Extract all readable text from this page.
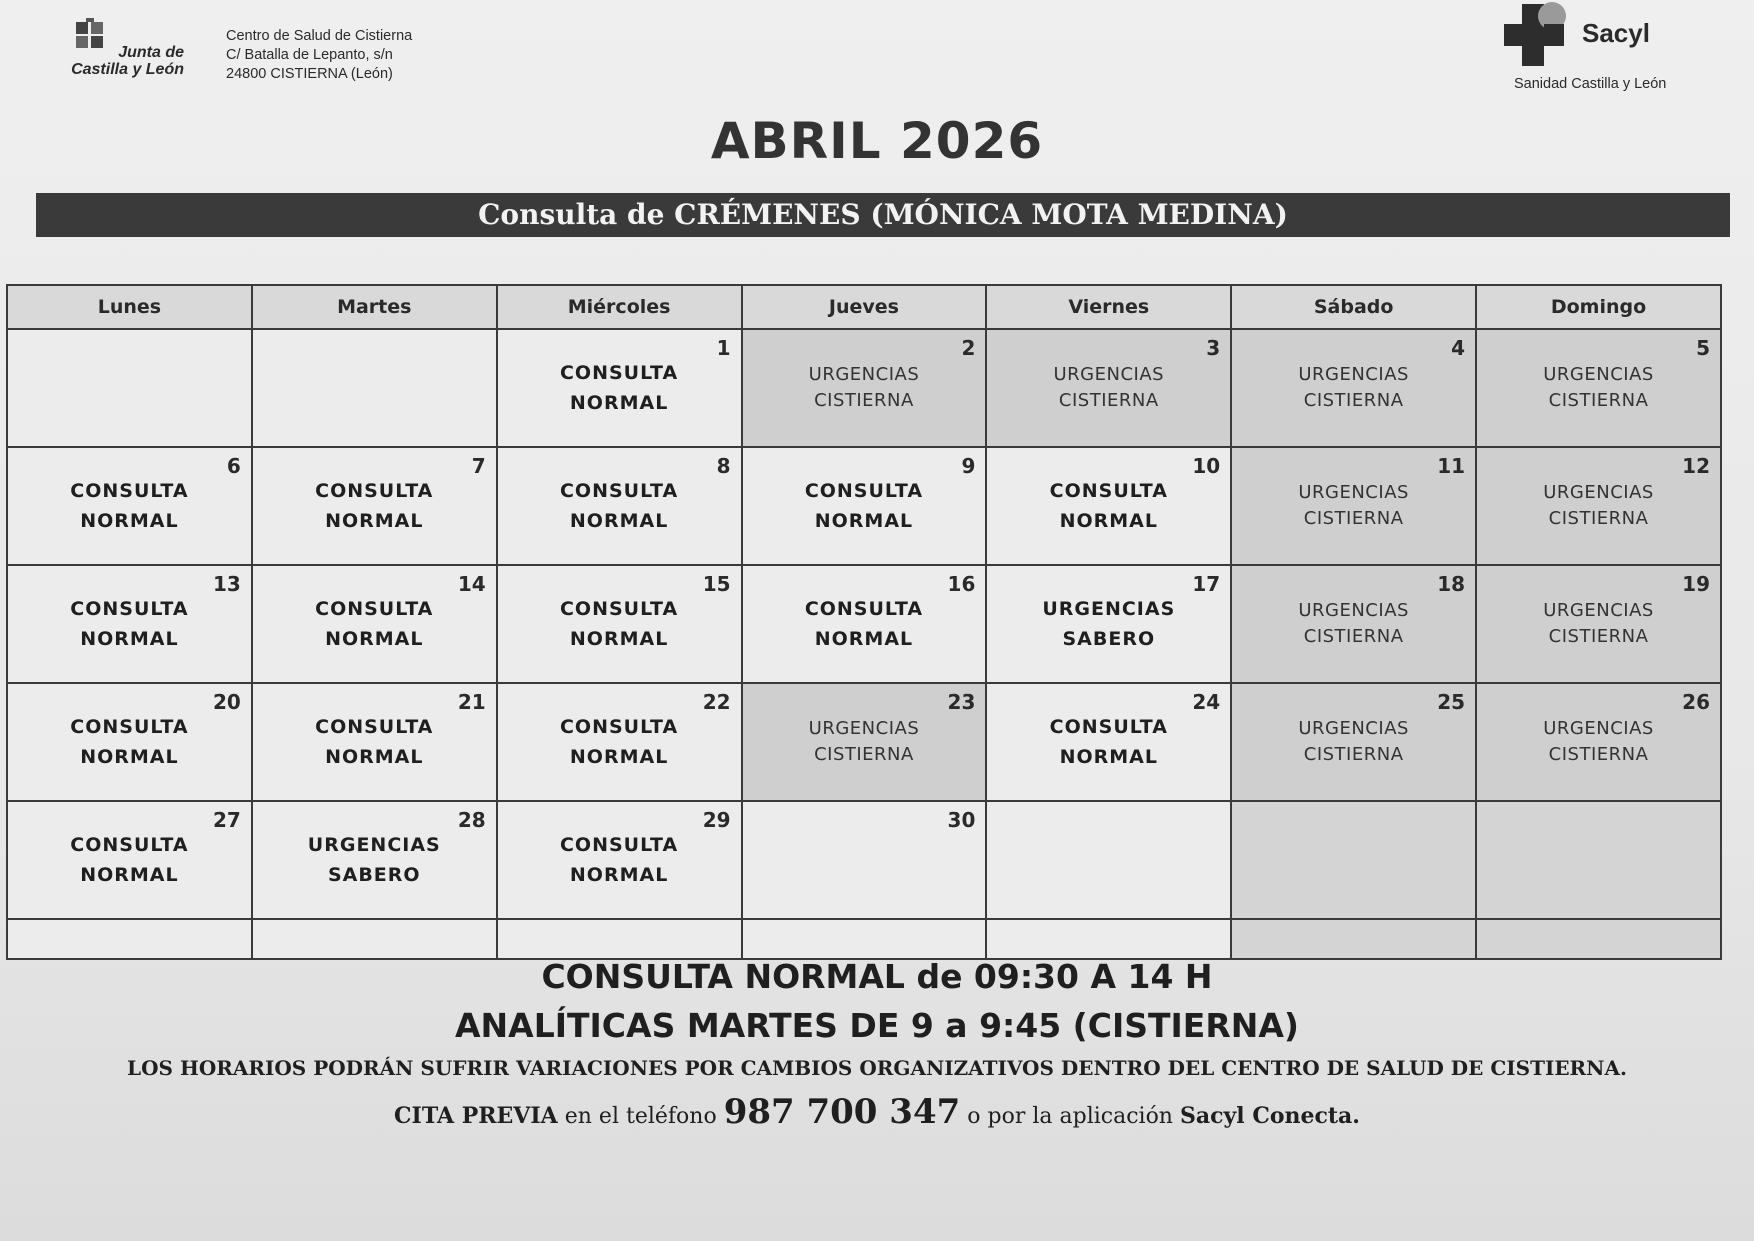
Junta de
Castilla y León
Centro de Salud de Cistierna
C/ Batalla de Lepanto, s/n
24800 CISTIERNA (León)
Sacyl
Sanidad Castilla y León
ABRIL 2026
Consulta de CRÉMENES (MÓNICA MOTA MEDINA)
Lunes	Martes	Miércoles	Jueves	Viernes	Sábado	Domingo

		1
CONSULTA
NORMAL	2
URGENCIAS
CISTIERNA	3
URGENCIAS
CISTIERNA	4
URGENCIAS
CISTIERNA	5
URGENCIAS
CISTIERNA

6
CONSULTA
NORMAL	7
CONSULTA
NORMAL	8
CONSULTA
NORMAL	9
CONSULTA
NORMAL	10
CONSULTA
NORMAL	11
URGENCIAS
CISTIERNA	12
URGENCIAS
CISTIERNA

13
CONSULTA
NORMAL	14
CONSULTA
NORMAL	15
CONSULTA
NORMAL	16
CONSULTA
NORMAL	17
URGENCIAS
SABERO	18
URGENCIAS
CISTIERNA	19
URGENCIAS
CISTIERNA

20
CONSULTA
NORMAL	21
CONSULTA
NORMAL	22
CONSULTA
NORMAL	23
URGENCIAS
CISTIERNA	24
CONSULTA
NORMAL	25
URGENCIAS
CISTIERNA	26
URGENCIAS
CISTIERNA

27
CONSULTA
NORMAL	28
URGENCIAS
SABERO	29
CONSULTA
NORMAL	30			

CONSULTA NORMAL de 09:30 A 14 H
ANALÍTICAS MARTES DE 9 a 9:45 (CISTIERNA)
LOS HORARIOS PODRÁN SUFRIR VARIACIONES POR CAMBIOS ORGANIZATIVOS DENTRO DEL CENTRO DE SALUD DE CISTIERNA.
CITA PREVIA en el teléfono 987 700 347 o por la aplicación Sacyl Conecta.
